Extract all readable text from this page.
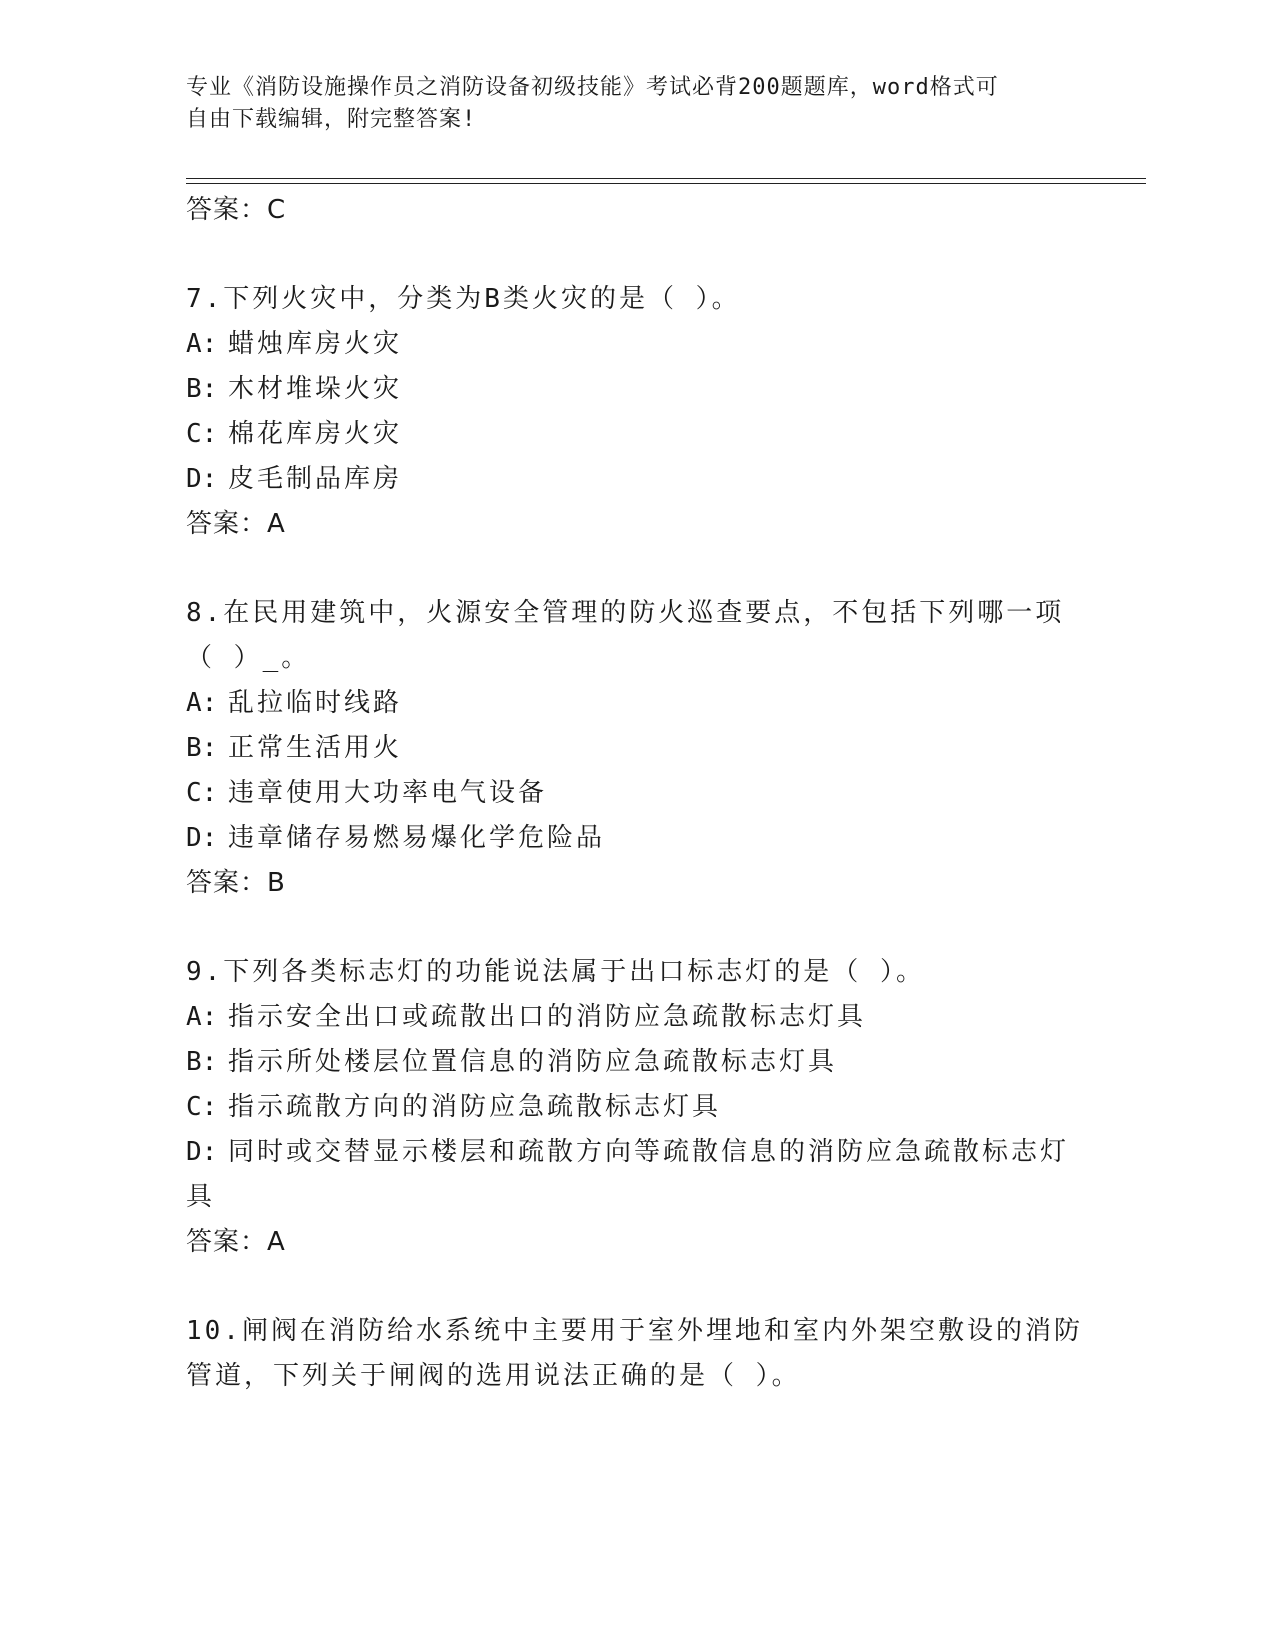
专业《消防设施操作员之消防设备初级技能》考试必背200题题库，word格式可
自由下载编辑，附完整答案!
答案：C
7.下列火灾中，分类为B类火灾的是（ ）。
A: 蜡烛库房火灾
B: 木材堆垛火灾
C: 棉花库房火灾
D: 皮毛制品库房
答案：A
8.在民用建筑中，火源安全管理的防火巡查要点，不包括下列哪一项
（ ）_。
A: 乱拉临时线路
B: 正常生活用火
C: 违章使用大功率电气设备
D: 违章储存易燃易爆化学危险品
答案：B
9.下列各类标志灯的功能说法属于出口标志灯的是（ ）。
A: 指示安全出口或疏散出口的消防应急疏散标志灯具
B: 指示所处楼层位置信息的消防应急疏散标志灯具
C: 指示疏散方向的消防应急疏散标志灯具
D: 同时或交替显示楼层和疏散方向等疏散信息的消防应急疏散标志灯
具
答案：A
10.闸阀在消防给水系统中主要用于室外埋地和室内外架空敷设的消防
管道，下列关于闸阀的选用说法正确的是（ ）。
